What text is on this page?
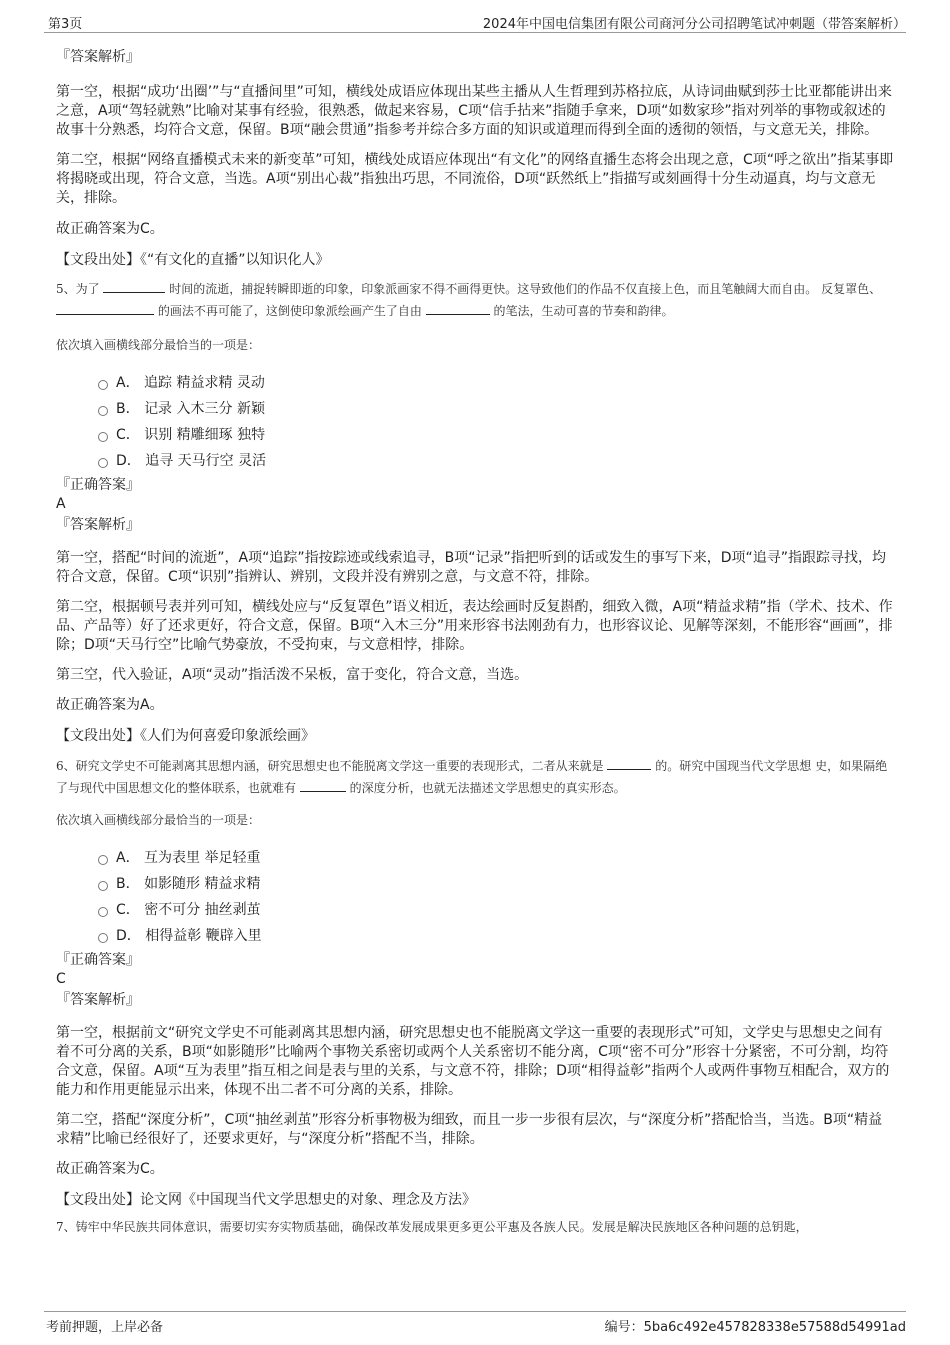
第3页	2024年中国电信集团有限公司商河分公司招聘笔试冲刺题（带答案解析）

『答案解析』

第一空，根据“成功‘出圈’”与“直播间里”可知，横线处成语应体现出某些主播从人生哲理到苏格拉底，从诗词曲赋到莎士比亚都能讲出来之意，A项“驾轻就熟”比喻对某事有经验，很熟悉，做起来容易，C项“信手拈来”指随手拿来，D项“如数家珍”指对列举的事物或叙述的故事十分熟悉，均符合文意，保留。B项“融会贯通”指参考并综合多方面的知识或道理而得到全面的透彻的领悟，与文意无关，排除。

第二空，根据“网络直播模式未来的新变革”可知，横线处成语应体现出“有文化”的网络直播生态将会出现之意，C项“呼之欲出”指某事即将揭晓或出现，符合文意，当选。A项“别出心裁”指独出巧思，不同流俗，D项“跃然纸上”指描写或刻画得十分生动逼真，均与文意无关，排除。

故正确答案为C。

【文段出处】《“有文化的直播”以知识化人》

5、为了	时间的流逝，捕捉转瞬即逝的印象，印象派画家不得不画得更快。这导致他们的作品不仅直接上色，而且笔触阔大而自由。 反复罩色、  的画法不再可能了，这倒使印象派绘画产生了自由	的笔法，生动可喜的节奏和韵律。

依次填入画横线部分最恰当的一项是：

A． 追踪 精益求精 灵动
B． 记录 入木三分 新颖
C． 识别 精雕细琢 独特
D． 追寻 天马行空 灵活

『正确答案』

A

『答案解析』

第一空，搭配“时间的流逝”，A项“追踪”指按踪迹或线索追寻，B项“记录”指把听到的话或发生的事写下来，D项“追寻”指跟踪寻找，均符合文意，保留。C项“识别”指辨认、辨别，文段并没有辨别之意，与文意不符，排除。

第二空，根据顿号表并列可知，横线处应与“反复罩色”语义相近，表达绘画时反复斟酌，细致入微，A项“精益求精”指（学术、技术、作品、产品等）好了还求更好，符合文意，保留。B项“入木三分”用来形容书法刚劲有力，也形容议论、见解等深刻，不能形容“画画”，排除；D项“天马行空”比喻气势豪放，不受拘束，与文意相悖，排除。

第三空，代入验证，A项“灵动”指活泼不呆板，富于变化，符合文意，当选。

故正确答案为A。

【文段出处】《人们为何喜爱印象派绘画》

6、研究文学史不可能剥离其思想内涵，研究思想史也不能脱离文学这一重要的表现形式，二者从来就是	的。研究中国现当代文学思想 史，如果隔绝了与现代中国思想文化的整体联系，也就难有	的深度分析，也就无法描述文学思想史的真实形态。

依次填入画横线部分最恰当的一项是：

A． 互为表里 举足轻重
B． 如影随形 精益求精
C． 密不可分 抽丝剥茧
D． 相得益彰 鞭辟入里

『正确答案』

C

『答案解析』

第一空，根据前文“研究文学史不可能剥离其思想内涵，研究思想史也不能脱离文学这一重要的表现形式”可知，文学史与思想史之间有着不可分离的关系，B项“如影随形”比喻两个事物关系密切或两个人关系密切不能分离，C项“密不可分”形容十分紧密，不可分割，均符合文意，保留。A项“互为表里”指互相之间是表与里的关系，与文意不符，排除；D项“相得益彰”指两个人或两件事物互相配合，双方的能力和作用更能显示出来，体现不出二者不可分离的关系，排除。

第二空，搭配“深度分析”，C项“抽丝剥茧”形容分析事物极为细致，而且一步一步很有层次，与“深度分析”搭配恰当，当选。B项“精益求精”比喻已经很好了，还要求更好，与“深度分析”搭配不当，排除。

故正确答案为C。

【文段出处】论文网《中国现当代文学思想史的对象、理念及方法》

7、铸牢中华民族共同体意识，需要切实夯实物质基础，确保改革发展成果更多更公平惠及各族人民。发展是解决民族地区各种问题的总钥匙，

考前押题，上岸必备	编号：5ba6c492e457828338e57588d54991ad
